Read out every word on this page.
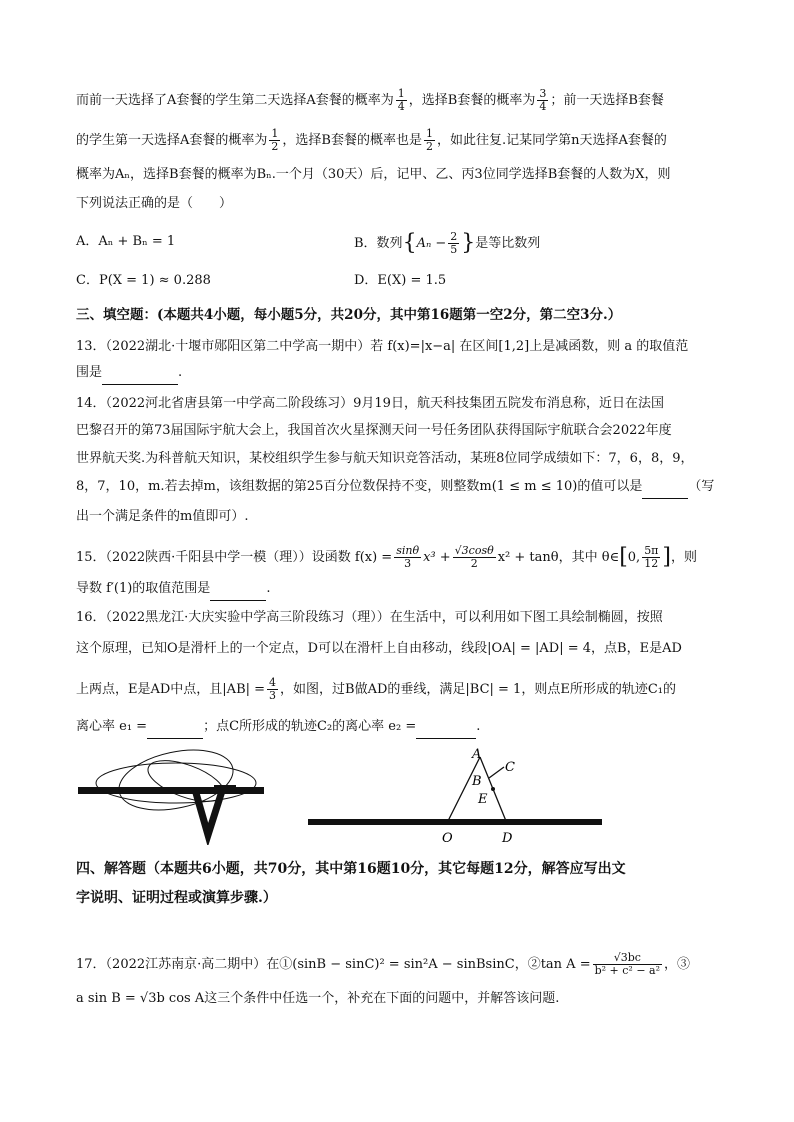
而前一天选择了A套餐的学生第二天选择A套餐的概率为 $\frac{1}{4}$ ，选择B套餐的概率为 $\frac{3}{4}$ ；前一天选择B套餐
的学生第一天选择A套餐的概率为 $\frac{1}{2}$ ，选择B套餐的概率也是 $\frac{1}{2}$ ，如此往复.记某同学第n天选择A套餐的
概率为Aₙ，选择B套餐的概率为Bₙ.一个月（30天）后，记甲、乙、丙3位同学选择B套餐的人数为X，则
下列说法正确的是（　　）
A．Aₙ + Bₙ = 1	B．数列{$A_n - \frac{2}{5}$ }是等比数列
C．P(X = 1) ≈ 0.288	D．E(X) = 1.5
三、填空题：(本题共4小题，每小题5分，共20分，其中第16题第一空2分，第二空3分.）
13．（2022湖北·十堰市郧阳区第二中学高一期中）若 f(x)=|x−a| 在区间[1,2]上是减函数，则 a 的取值范
围是	.
14．（2022河北省唐县第一中学高二阶段练习）9月19日，航天科技集团五院发布消息称，近日在法国
巴黎召开的第73届国际宇航大会上，我国首次火星探测天问一号任务团队获得国际宇航联合会2022年度
世界航天奖.为科普航天知识，某校组织学生参与航天知识竞答活动，某班8位同学成绩如下：7，6，8，9，
8，7，10，m.若去掉m，该组数据的第25百分位数保持不变，则整数m(1 ≤ m ≤ 10)的值可以是	（写
出一个满足条件的m值即可）.
15．（2022陕西·千阳县中学一模（理））设函数 $f(x) = \frac{\sin\theta}{3} x^3 + \frac{√3\cos\theta}{2} x^2 + \tan\theta$，其中 θ∈[0, $\frac{5\pi}{12}$ ]，则
导数 f′(1)的取值范围是	.
16．（2022黑龙江·大庆实验中学高三阶段练习（理））在生活中，可以利用如下图工具绘制椭圆，按照
这个原理，已知O是滑杆上的一个定点，D可以在滑杆上自由移动，线段|OA| = |AD| = 4，点B，E是AD
上两点，E是AD中点，且$|AB| = \frac{4}{3}$ ，如图，过B做AD的垂线，满足|BC| = 1，则点E所形成的轨迹C₁的
离心率 e₁ =	；点C所形成的轨迹C₂的离心率 e₂ =	.
A
B
C
E
O	D
四、解答题（本题共6小题，共70分，其中第16题10分，其它每题12分，解答应写出文
字说明、证明过程或演算步骤.）
17．（2022江苏南京·高二期中）在①(sinB − sinC)² = sin²A − sinBsinC，②tan $A = \frac{√3bc}{\text{b² + c² − a²}}$ ，③
a sin B = √3b cos A这三个条件中任选一个，补充在下面的问题中，并解答该问题.
